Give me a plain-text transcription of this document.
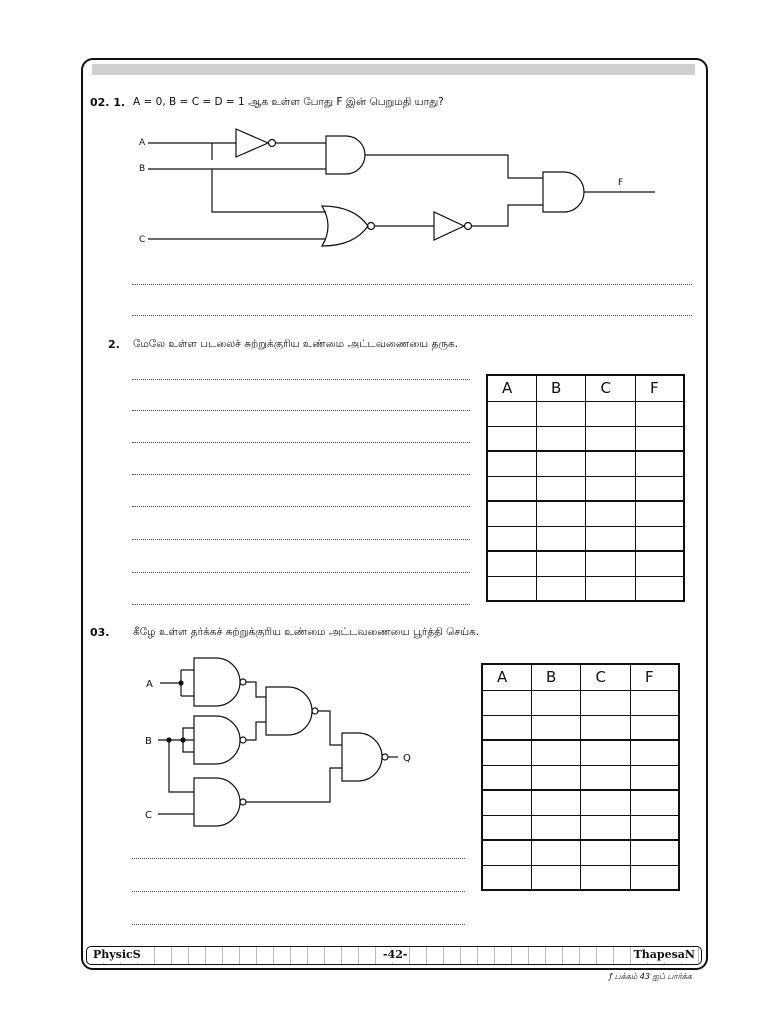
02. 1. A = 0, B = C = D = 1 ஆக உள்ள போது F இன் பெறுமதி யாது?
A
B
C
F
2. மேலே உள்ள படலைச் சுற்றுக்குரிய உண்மை அட்டவணையை தருக.
A	B	C	F

03. கீழே உள்ள தர்க்கச் சுற்றுக்குரிய உண்மை அட்டவணையை பூர்த்தி செய்க.
A
B
C
Q
A	B	C	F

PhysicS	-42-	ThapesaN
ƒ பக்கம் 43 ஐப் பார்க்க
